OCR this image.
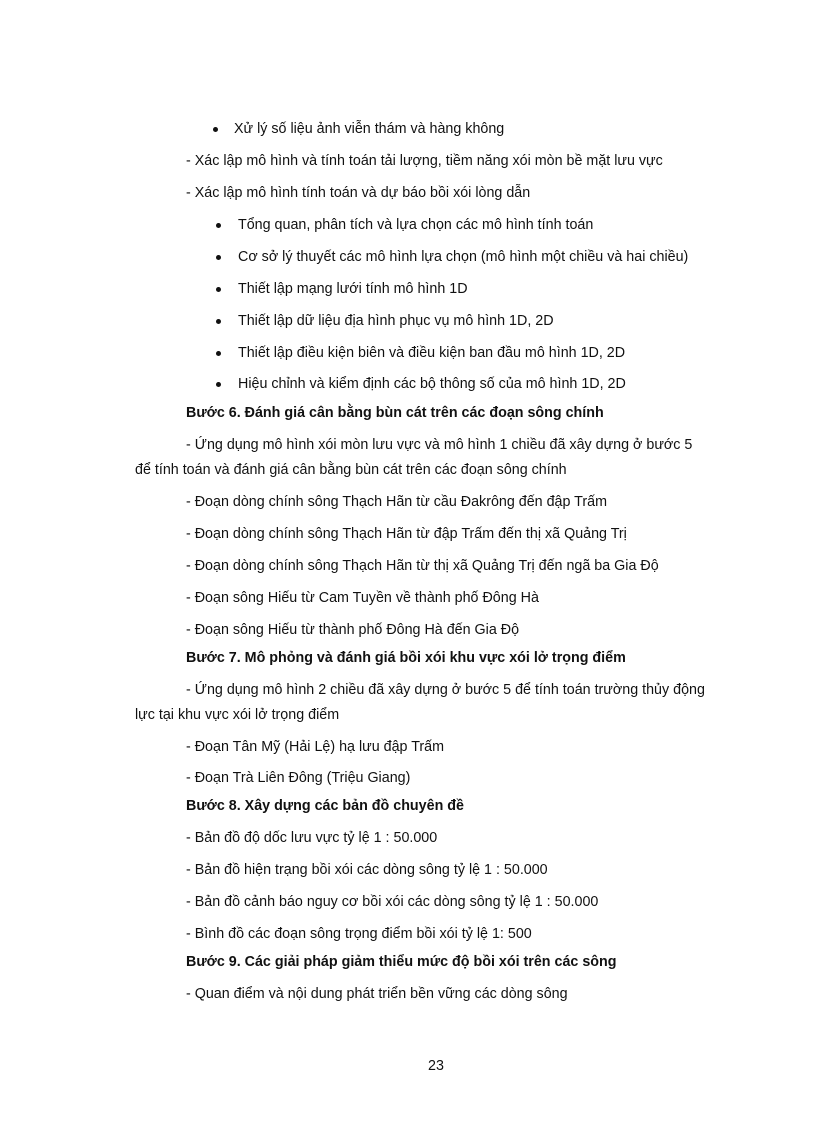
Xử lý số liệu ảnh viễn thám và hàng không
- Xác lập mô hình và tính toán tải lượng, tiềm năng xói mòn bề mặt lưu vực
- Xác lập mô hình tính toán và dự báo bồi xói lòng dẫn
Tổng quan, phân tích và lựa chọn các mô hình tính toán
Cơ sở lý thuyết các mô hình lựa chọn (mô hình một chiều và hai chiều)
Thiết lập mạng lưới tính mô hình 1D
Thiết lập dữ liệu địa hình phục vụ mô hình 1D, 2D
Thiết lập điều kiện biên và điều kiện ban đầu mô hình 1D, 2D
Hiệu chỉnh và kiểm định các bộ thông số của mô hình 1D, 2D
Bước 6. Đánh giá cân bằng bùn cát trên các đoạn sông chính
- Ứng dụng mô hình xói mòn lưu vực và mô hình 1 chiều đã xây dựng ở bước 5
để tính toán và đánh giá cân bằng bùn cát trên các đoạn sông chính
- Đoạn dòng chính sông Thạch Hãn từ cầu Đakrông đến đập Trấm
- Đoạn dòng chính sông Thạch Hãn từ đập Trấm đến thị xã Quảng Trị
- Đoạn dòng chính sông Thạch Hãn từ thị xã Quảng Trị đến ngã ba Gia Độ
- Đoạn sông Hiếu từ Cam Tuyền về thành phố Đông Hà
- Đoạn sông Hiếu từ thành phố Đông Hà đến Gia Độ
Bước 7. Mô phỏng và đánh giá bồi xói khu vực xói lở trọng điểm
- Ứng dụng mô hình 2 chiều đã xây dựng ở bước 5 để tính toán trường thủy động
lực tại khu vực xói lở trọng điểm
- Đoạn Tân Mỹ (Hải Lệ) hạ lưu đập Trấm
- Đoạn Trà Liên Đông (Triệu Giang)
Bước 8. Xây dựng các bản đồ chuyên đề
- Bản đồ độ dốc lưu vực tỷ lệ 1 : 50.000
- Bản đồ hiện trạng bồi xói các dòng sông tỷ lệ 1 : 50.000
- Bản đồ cảnh báo nguy cơ bồi xói các dòng sông tỷ lệ 1 : 50.000
- Bình đồ các đoạn sông trọng điểm bồi xói tỷ lệ 1: 500
Bước 9. Các giải pháp giảm thiểu mức độ bồi xói trên các sông
- Quan điểm và nội dung phát triển bền vững các dòng sông
23
